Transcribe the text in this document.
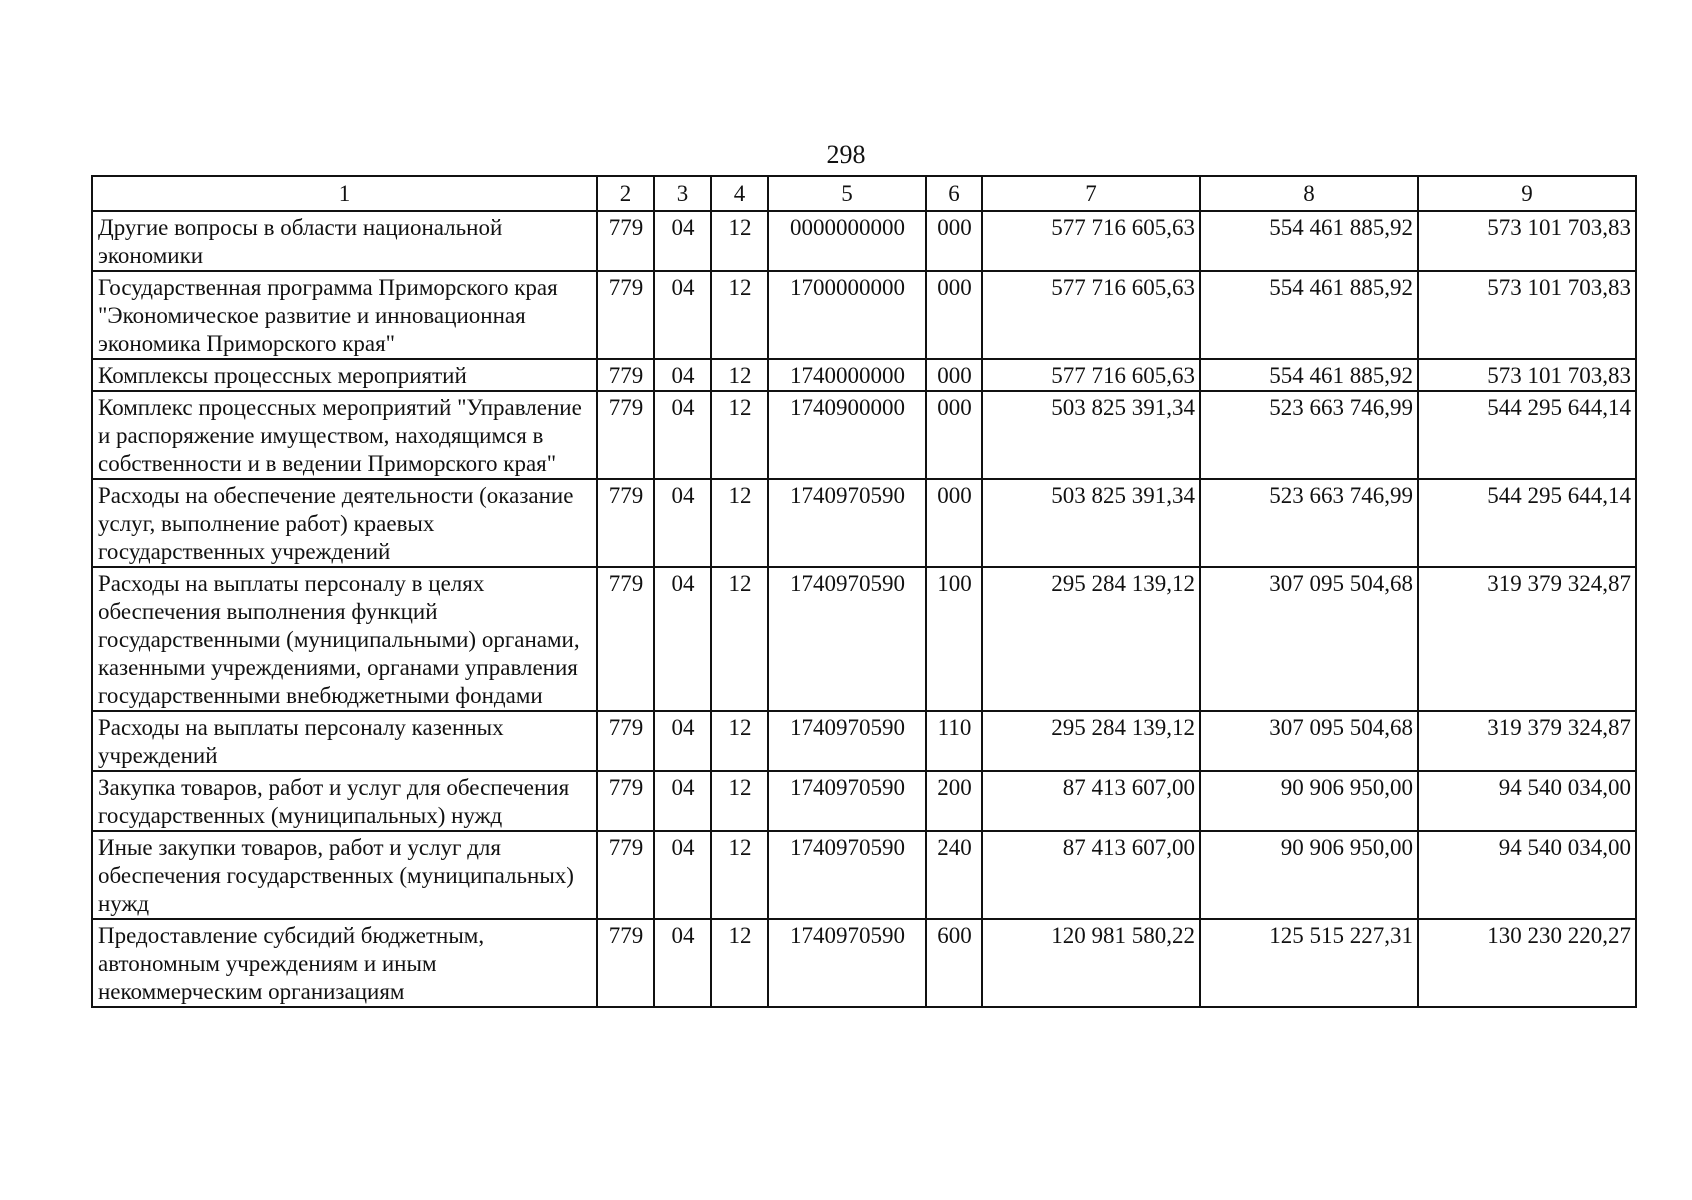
298
1	2	3	4	5	6	7	8	9
Другие вопросы в области национальной экономики	779	04	12	0000000000	000	577 716 605,63	554 461 885,92	573 101 703,83
Государственная программа Приморского края "Экономическое развитие и инновационная экономика Приморского края"	779	04	12	1700000000	000	577 716 605,63	554 461 885,92	573 101 703,83
Комплексы процессных мероприятий	779	04	12	1740000000	000	577 716 605,63	554 461 885,92	573 101 703,83
Комплекс процессных мероприятий "Управление и распоряжение имуществом, находящимся в собственности и в ведении Приморского края"	779	04	12	1740900000	000	503 825 391,34	523 663 746,99	544 295 644,14
Расходы на обеспечение деятельности (оказание услуг, выполнение работ) краевых государственных учреждений	779	04	12	1740970590	000	503 825 391,34	523 663 746,99	544 295 644,14
Расходы на выплаты персоналу в целях обеспечения выполнения функций государственными (муниципальными) органами, казенными учреждениями, органами управления государственными внебюджетными фондами	779	04	12	1740970590	100	295 284 139,12	307 095 504,68	319 379 324,87
Расходы на выплаты персоналу казенных учреждений	779	04	12	1740970590	110	295 284 139,12	307 095 504,68	319 379 324,87
Закупка товаров, работ и услуг для обеспечения государственных (муниципальных) нужд	779	04	12	1740970590	200	87 413 607,00	90 906 950,00	94 540 034,00
Иные закупки товаров, работ и услуг для обеспечения государственных (муниципальных) нужд	779	04	12	1740970590	240	87 413 607,00	90 906 950,00	94 540 034,00
Предоставление субсидий бюджетным, автономным учреждениям и иным некоммерческим организациям	779	04	12	1740970590	600	120 981 580,22	125 515 227,31	130 230 220,27
